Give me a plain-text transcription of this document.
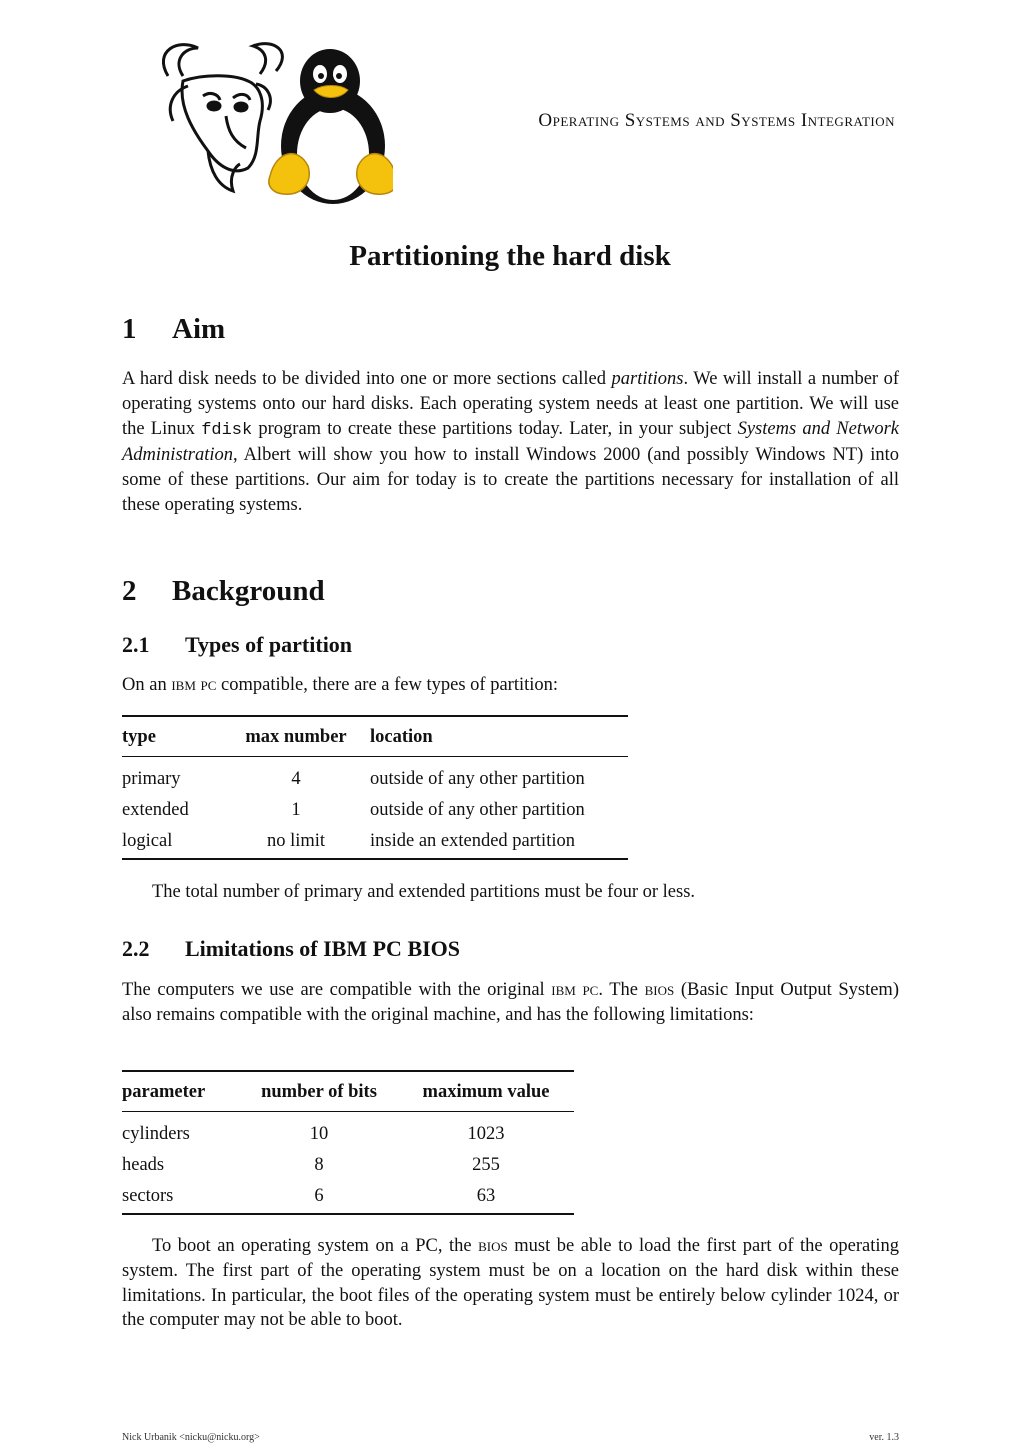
Operating Systems and Systems Integration
Partitioning the hard disk
1 Aim

A hard disk needs to be divided into one or more sections called partitions. We will install a number of operating systems onto our hard disks. Each operating system needs at least one partition. We will use the Linux fdisk program to create these partitions today. Later, in your subject Systems and Network Administration, Albert will show you how to install Windows 2000 (and possibly Windows NT) into some of these partitions. Our aim for today is to create the partitions necessary for installation of all these operating systems.

2 Background
2.1 Types of partition

On an ibm pc compatible, there are a few types of partition:

type	max number	location
primary	4	outside of any other partition
extended	1	outside of any other partition
logical	no limit	inside an extended partition

The total number of primary and extended partitions must be four or less.

2.2 Limitations of IBM PC BIOS

The computers we use are compatible with the original ibm pc. The bios (Basic Input Output System) also remains compatible with the original machine, and has the following limitations:

parameter	number of bits	maximum value
cylinders	10	1023
heads	8	255
sectors	6	63

To boot an operating system on a PC, the bios must be able to load the first part of the operating system. The first part of the operating system must be on a location on the hard disk within these limitations. In particular, the boot files of the operating system must be entirely below cylinder 1024, or the computer may not be able to boot.

Nick Urbanik <nicku@nicku.org>	ver. 1.3
